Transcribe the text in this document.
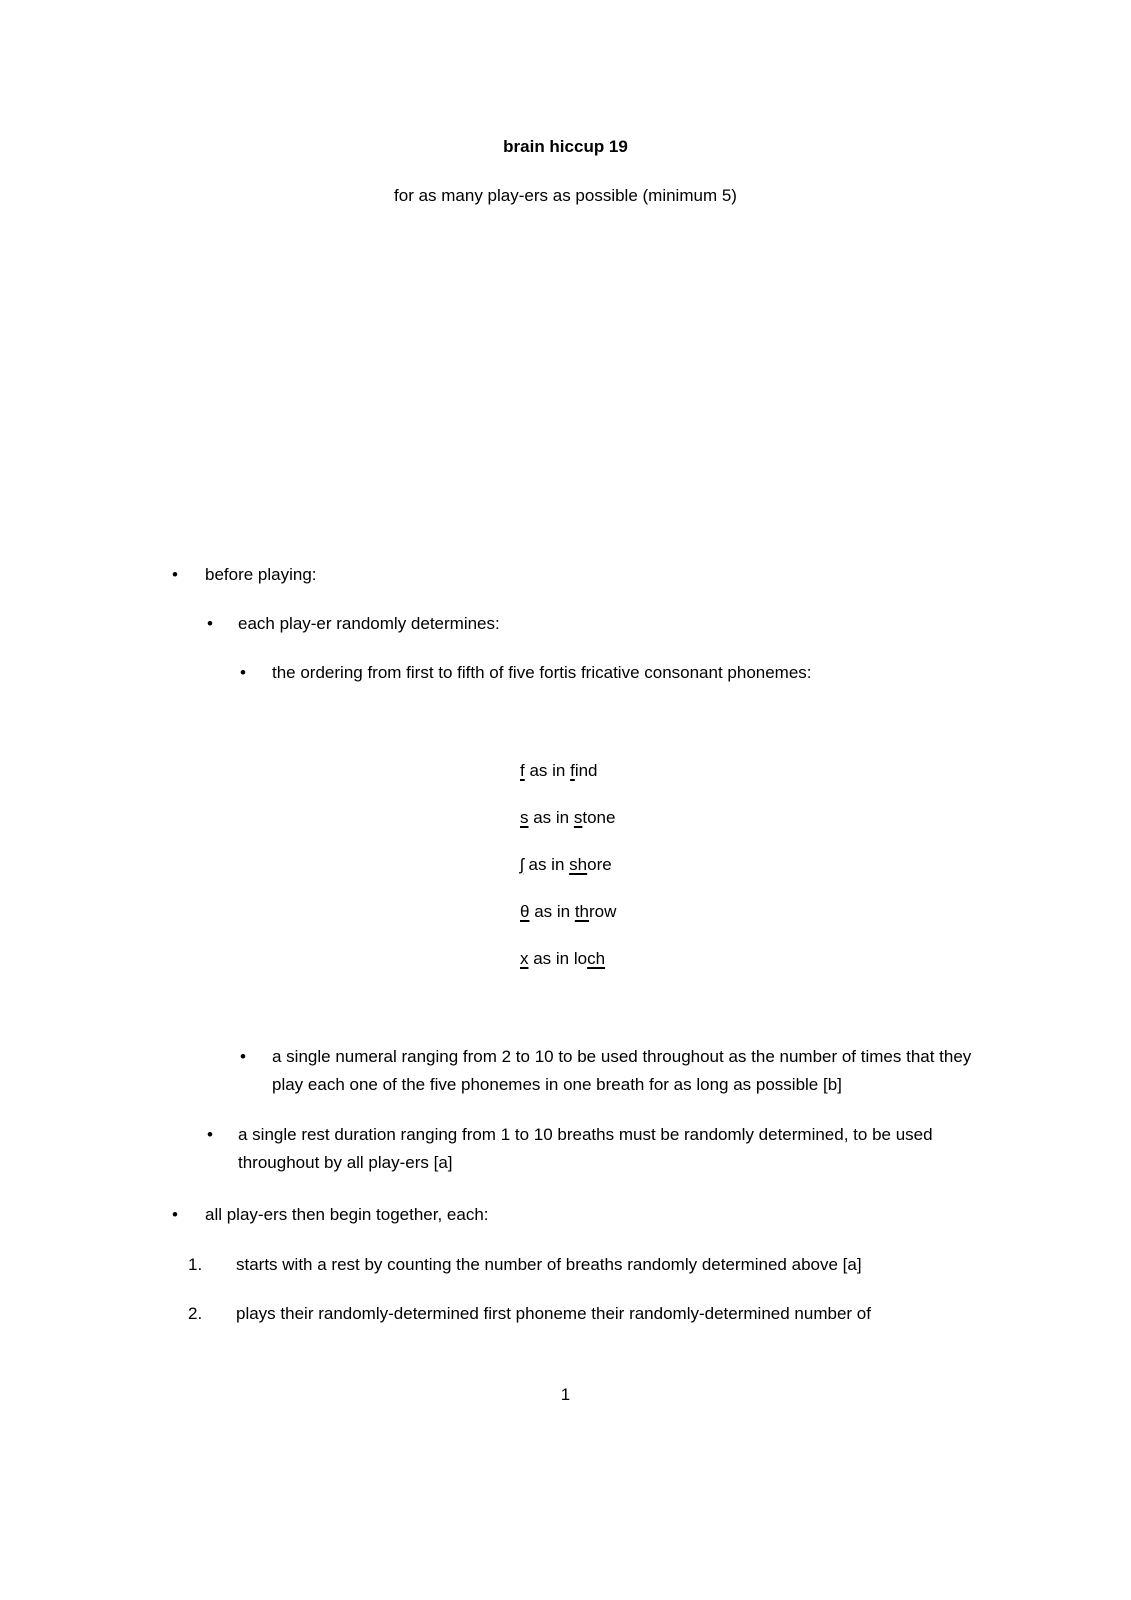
brain hiccup 19

for as many play-ers as possible (minimum 5)

•	before playing:
•	each play-er randomly determines:
•	the ordering from first to fifth of five fortis fricative consonant phonemes:
f as in find
s as in stone
ʃ as in shore
θ as in throw
x as in loch
•	a single numeral ranging from 2 to 10 to be used throughout as the number of times that they play each one of the five phonemes in one breath for as long as possible [b]
•	a single rest duration ranging from 1 to 10 breaths must be randomly determined, to be used throughout by all play-ers [a]
•	all play-ers then begin together, each:
1.	starts with a rest by counting the number of breaths randomly determined above [a]
2.	plays their randomly-determined first phoneme their randomly-determined number of

1
